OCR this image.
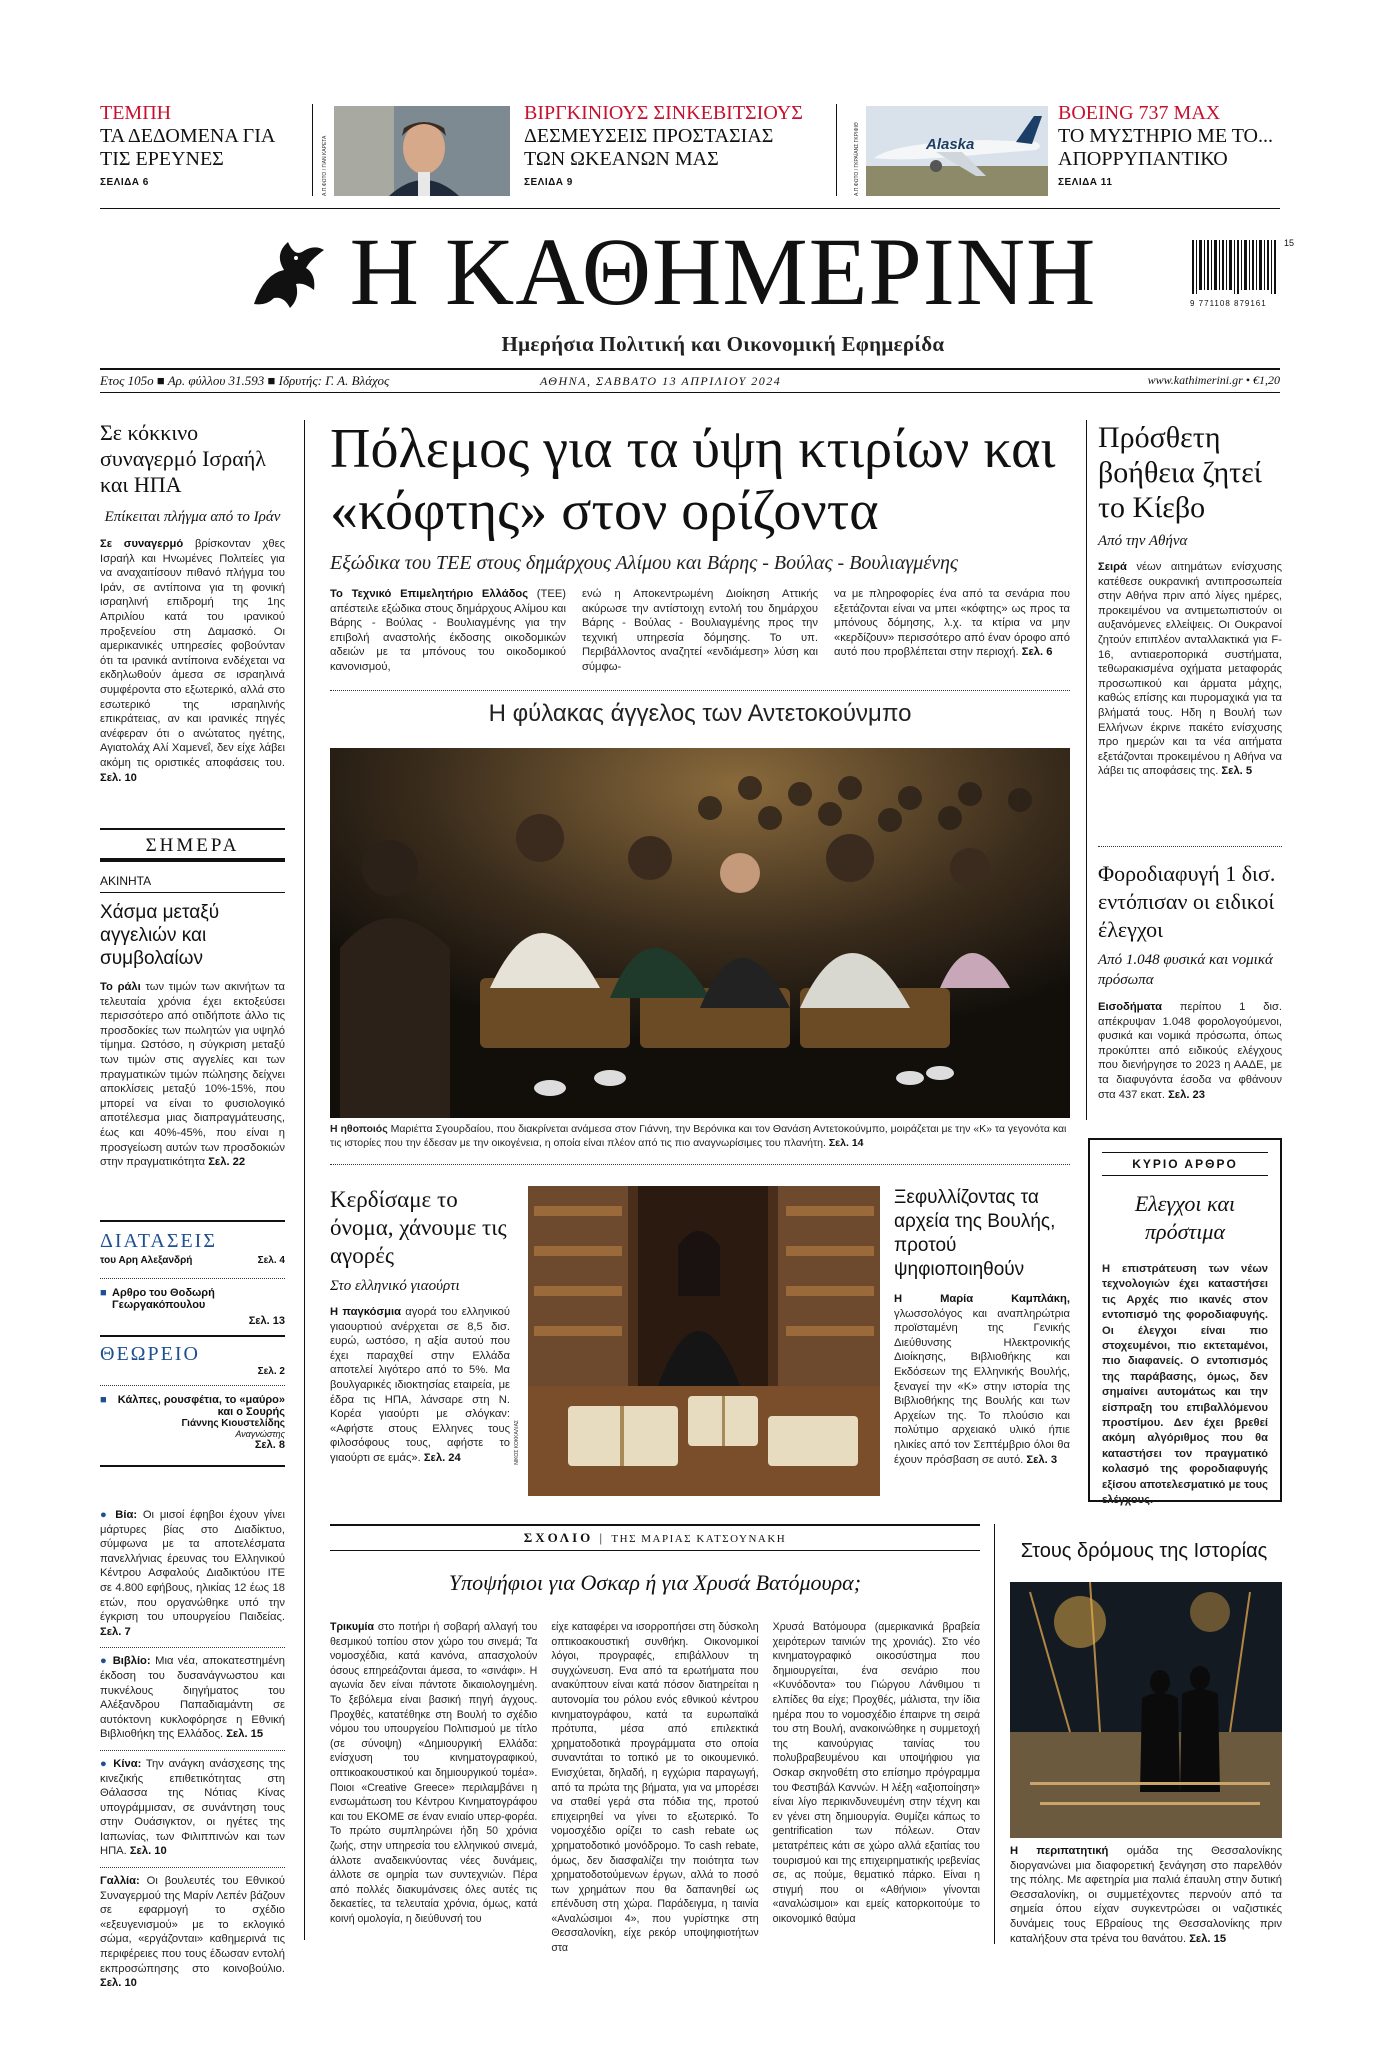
ΤΕΜΠΗ
ΤΑ ΔΕΔΟΜΕΝΑ ΓΙΑ ΤΙΣ ΕΡΕΥΝΕΣ
ΣΕΛΙΔΑ 6	Α.Π.ΦΩΤΟ / ΓΙΑΝ ΚΑΡΕΤΑ
ΒΙΡΓΚΙΝΙΟΥΣ ΣΙΝΚΕΒΙΤΣΙΟΥΣ
ΔΕΣΜΕΥΣΕΙΣ ΠΡΟΣΤΑΣΙΑΣ ΤΩΝ ΩΚΕΑΝΩΝ ΜΑΣ
ΣΕΛΙΔΑ 9
Alaska
Α.Π.ΦΩΤΟ / ΓΚΡΑΪΑΝΣ ΓΚΡΙΦΙΘ
BOEING 737 MAX
ΤΟ ΜΥΣΤΗΡΙΟ ΜΕ ΤΟ... ΑΠΟΡΡΥΠΑΝΤΙΚΟ
ΣΕΛΙΔΑ 11
Η ΚΑΘΗΜΕΡΙΝΗ
Ημερήσια Πολιτική και Οικονομική Εφημερίδα
9 771108 879161
15
Ετος 105ο ■ Αρ. φύλλου 31.593 ■ Ιδρυτής: Γ. Α. Βλάχος	ΑΘΗΝΑ, ΣΑΒΒΑΤΟ 13 ΑΠΡΙΛΙΟΥ 2024	www.kathimerini.gr • €1,20
Σε κόκκινο συναγερμό Ισραήλ και ΗΠΑ
Επίκειται πλήγμα από το Ιράν
Σε συναγερμό βρίσκονταν χθες Ισραήλ και Ηνωμένες Πολιτείες για να αναχαιτίσουν πιθανό πλήγμα του Ιράν, σε αντίποινα για τη φονική ισραηλινή επιδρομή της 1ης Απριλίου κατά του ιρανικού προξενείου στη Δαμασκό. Οι αμερικανικές υπηρεσίες φοβούνταν ότι τα ιρανικά αντίποινα ενδέχεται να εκδηλωθούν άμεσα σε ισραηλινά συμφέροντα στο εξωτερικό, αλλά στο εσωτερικό της ισραηλινής επικράτειας, αν και ιρανικές πηγές ανέφεραν ότι ο ανώτατος ηγέτης, Αγιατολάχ Αλί Χαμενεΐ, δεν είχε λάβει ακόμη τις οριστικές αποφάσεις του. Σελ. 10
ΣΗΜΕΡΑ
ΑΚΙΝΗΤΑ
Χάσμα μεταξύ αγγελιών και συμβολαίων
Το ράλι των τιμών των ακινήτων τα τελευταία χρόνια έχει εκτοξεύσει περισσότερο από οτιδήποτε άλλο τις προσδοκίες των πωλητών για υψηλό τίμημα. Ωστόσο, η σύγκριση μεταξύ των τιμών στις αγγελίες και των πραγματικών τιμών πώλησης δείχνει αποκλίσεις μεταξύ 10%-15%, που μπορεί να είναι το φυσιολογικό αποτέλεσμα μιας διαπραγμάτευσης, έως και 40%-45%, που είναι η προσγείωση αυτών των προσδοκιών στην πραγματικότητα Σελ. 22
ΔΙΑΤΑΣΕΙΣ
του Αρη Αλεξανδρή	Σελ. 4
■ Αρθρο του Θοδωρή Γεωργακόπουλου
Σελ. 13
ΘΕΩΡΕΙΟ
Σελ. 2
■ Κάλπες, ρουσφέτια, το «μαύρο» και ο Σουρής
Γιάννης Κιουστελίδης
Αναγνώστης
Σελ. 8
● Βία: Οι μισοί έφηβοι έχουν γίνει μάρτυρες βίας στο Διαδίκτυο, σύμφωνα με τα αποτελέσματα πανελλήνιας έρευνας του Ελληνικού Κέντρου Ασφαλούς Διαδικτύου ΙΤΕ σε 4.800 εφήβους, ηλικίας 12 έως 18 ετών, που οργανώθηκε υπό την έγκριση του υπουργείου Παιδείας. Σελ. 7
● Βιβλίο: Μια νέα, αποκατεστημένη έκδοση του δυσανάγνωστου και πυκνέλους διηγήματος του Αλέξανδρου Παπαδιαμάντη σε αυτόκτονη κυκλοφόρησε η Εθνική Βιβλιοθήκη της Ελλάδος. Σελ. 15
● Κίνα: Την ανάγκη ανάσχεσης της κινεζικής επιθετικότητας στη Θάλασσα της Νότιας Κίνας υπογράμμισαν, σε συνάντηση τους στην Ουάσιγκτον, οι ηγέτες της Ιαπωνίας, των Φιλιππινών και των ΗΠΑ. Σελ. 10
Γαλλία: Οι βουλευτές του Εθνικού Συναγερμού της Μαρίν Λεπέν βάζουν σε εφαρμογή το σχέδιο «εξευγενισμού» με το εκλογικό σώμα, «εργάζονται» καθημερινά τις περιφέρειες που τους έδωσαν εντολή εκπροσώπησης στο κοινοβούλιο. Σελ. 10
Πόλεμος για τα ύψη κτιρίων και «κόφτης» στον ορίζοντα
Εξώδικα του ΤΕΕ στους δημάρχους Αλίμου και Βάρης - Βούλας - Βουλιαγμένης
Το Τεχνικό Επιμελητήριο Ελλάδος (ΤΕΕ) απέστειλε εξώδικα στους δημάρχους Αλίμου και Βάρης - Βούλας - Βουλιαγμένης για την επιβολή αναστολής έκδοσης οικοδομικών αδειών με τα μπόνους του οικοδομικού κανονισμού,
ενώ η Αποκεντρωμένη Διοίκηση Αττικής ακύρωσε την αντίστοιχη εντολή του δημάρχου Βάρης - Βούλας - Βουλιαγμένης προς την τεχνική υπηρεσία δόμησης. Το υπ. Περιβάλλοντος αναζητεί «ενδιάμεση» λύση και σύμφω-
να με πληροφορίες ένα από τα σενάρια που εξετάζονται είναι να μπει «κόφτης» ως προς τα μπόνους δόμησης, λ.χ. τα κτίρια να μην «κερδίζουν» περισσότερο από έναν όροφο από αυτό που προβλέπεται στην περιοχή. Σελ. 6
Η φύλακας άγγελος των Αντετοκούνμπο
Η ηθοποιός Μαριέττα Σγουρδαίου, που διακρίνεται ανάμεσα στον Γιάννη, την Βερόνικα και τον Θανάση Αντετοκούνμπο, μοιράζεται με την «Κ» τα γεγονότα και τις ιστορίες που την έδεσαν με την οικογένεια, η οποία είναι πλέον από τις πιο αναγνωρίσιμες του πλανήτη. Σελ. 14
Πρόσθετη βοήθεια ζητεί το Κίεβο
Από την Αθήνα
Σειρά νέων αιτημάτων ενίσχυσης κατέθεσε ουκρανική αντιπροσωπεία στην Αθήνα πριν από λίγες ημέρες, προκειμένου να αντιμετωπιστούν οι αυξανόμενες ελλείψεις. Οι Ουκρανοί ζητούν επιπλέον ανταλλακτικά για F-16, αντιαεροπορικά συστήματα, τεθωρακισμένα οχήματα μεταφοράς προσωπικού και άρματα μάχης, καθώς επίσης και πυρομαχικά για τα βλήματά τους. Ηδη η Βουλή των Ελλήνων έκρινε πακέτο ενίσχυσης προ ημερών και τα νέα αιτήματα εξετάζονται προκειμένου η Αθήνα να λάβει τις αποφάσεις της. Σελ. 5
Φοροδιαφυγή 1 δισ. εντόπισαν οι ειδικοί έλεγχοι
Από 1.048 φυσικά και νομικά πρόσωπα
Εισοδήματα περίπου 1 δισ. απέκρυψαν 1.048 φορολογούμενοι, φυσικά και νομικά πρόσωπα, όπως προκύπτει από ειδικούς ελέγχους που διενήργησε το 2023 η ΑΑΔΕ, με τα διαφυγόντα έσοδα να φθάνουν στα 437 εκατ. Σελ. 23
ΚΥΡΙΟ ΑΡΘΡΟ
Ελεγχοι και πρόστιμα
Η επιστράτευση των νέων τεχνολογιών έχει καταστήσει τις Αρχές πιο ικανές στον εντοπισμό της φοροδιαφυγής. Οι έλεγχοι είναι πιο στοχευμένοι, πιο εκτεταμένοι, πιο διαφανείς. Ο εντοπισμός της παράβασης, όμως, δεν σημαίνει αυτομάτως και την είσπραξη του επιβαλλόμενου προστίμου. Δεν έχει βρεθεί ακόμη αλγόριθμος που θα καταστήσει τον πραγματικό κολασμό της φοροδιαφυγής εξίσου αποτελεσματικό με τους ελέγχους.
Κερδίσαμε το όνομα, χάνουμε τις αγορές
Στο ελληνικό γιαούρτι
Η παγκόσμια αγορά του ελληνικού γιαουρτιού ανέρχεται σε 8,5 δισ. ευρώ, ωστόσο, η αξία αυτού που έχει παραχθεί στην Ελλάδα αποτελεί λιγότερο από το 5%. Μα βουλγαρικές ιδιοκτησίας εταιρεία, με έδρα τις ΗΠΑ, λάνσαρε στη Ν. Κορέα γιαούρτι με σλόγκαν: «Αφήστε στους Ελληνες τους φιλοσόφους τους, αφήστε το γιαούρτι σε εμάς». Σελ. 24	ΝΙΚΟΣ ΚΟΚΚΑΛΙΑΣ
Ξεφυλλίζοντας τα αρχεία της Βουλής, προτού ψηφιοποιηθούν
Η Μαρία Καμπλάκη, γλωσσολόγος και αναπληρώτρια προϊσταμένη της Γενικής Διεύθυνσης Ηλεκτρονικής Διοίκησης, Βιβλιοθήκης και Εκδόσεων της Ελληνικής Βουλής, ξεναγεί την «Κ» στην ιστορία της Βιβλιοθήκης της Βουλής και των Αρχείων της. Το πλούσιο και πολύτιμο αρχειακό υλικό ήπιε ηλικίες από τον Σεπτέμβριο όλοι θα έχουν πρόσβαση σε αυτό. Σελ. 3
ΣΧΟΛΙΟ | ΤΗΣ ΜΑΡΙΑΣ ΚΑΤΣΟΥΝΑΚΗ
Υποψήφιοι για Οσκαρ ή για Χρυσά Βατόμουρα;
Τρικυμία στο ποτήρι ή σοβαρή αλλαγή του θεσμικού τοπίου στον χώρο του σινεμά; Τα νομοσχέδια, κατά κανόνα, απασχολούν όσους επηρεάζονται άμεσα, το «σινάφι». Η αγωνία δεν είναι πάντοτε δικαιολογημένη. Το ξεβόλεμα είναι βασική πηγή άγχους. Προχθές, κατατέθηκε στη Βουλή το σχέδιο νόμου του υπουργείου Πολιτισμού με τίτλο (σε σύνοψη) «Δημιουργική Ελλάδα: ενίσχυση του κινηματογραφικού, οπτικοακουστικού και δημιουργικού τομέα». Ποιοι «Creative Greece» περιλαμβάνει η ενσωμάτωση του Κέντρου Κινηματογράφου και του ΕΚΟΜΕ σε έναν ενιαίο υπερ-φορέα. Το πρώτο συμπληρώνει ήδη 50 χρόνια ζωής, στην υπηρεσία του ελληνικού σινεμά, άλλοτε αναδεικνύοντας νέες δυνάμεις, άλλοτε σε ομηρία των συντεχνιών. Πέρα από πολλές διακυμάνσεις όλες αυτές τις δεκαετίες, τα τελευταία χρόνια, όμως, κατά κοινή ομολογία, η διεύθυνσή του
είχε καταφέρει να ισορροπήσει στη δύσκολη οπτικοακουστική συνθήκη. Οικονομικοί λόγοι, προγραφές, επιβάλλουν τη συγχώνευση. Ενα από τα ερωτήματα που ανακύπτουν είναι κατά πόσον διατηρείται η αυτονομία του ρόλου ενός εθνικού κέντρου κινηματογράφου, κατά τα ευρωπαϊκά πρότυπα, μέσα από επιλεκτικά χρηματοδοτικά προγράμματα στο οποία συναντάται το τοπικό με το οικουμενικό. Ενισχύεται, δηλαδή, η εγχώρια παραγωγή, από τα πρώτα της βήματα, για να μπορέσει να σταθεί γερά στα πόδια της, προτού επιχειρηθεί να γίνει το εξωτερικό. Το νομοσχέδιο ορίζει το cash rebate ως χρηματοδοτικό μονόδρομο. Το cash rebate, όμως, δεν διασφαλίζει την ποιότητα των χρηματοδοτούμενων έργων, αλλά το ποσό των χρημάτων που θα δαπανηθεί ως επένδυση στη χώρα. Παράδειγμα, η ταινία «Αναλώσιμοι 4», που γυρίστηκε στη Θεσσαλονίκη, είχε ρεκόρ υποψηφιοτήτων στα
Χρυσά Βατόμουρα (αμερικανικά βραβεία χειρότερων ταινιών της χρονιάς). Στο νέο κινηματογραφικό οικοσύστημα που δημιουργείται, ένα σενάριο που «Κυνόδοντα» του Γιώργου Λάνθιμου τι ελπίδες θα είχε; Προχθές, μάλιστα, την ίδια ημέρα που το νομοσχέδιο έπαιρνε τη σειρά του στη Βουλή, ανακοινώθηκε η συμμετοχή της καινούργιας ταινίας του πολυβραβευμένου και υποψήφιου για Οσκαρ σκηνοθέτη στο επίσημο πρόγραμμα του Φεστιβάλ Καννών. Η λέξη «αξιοποίηση» είναι λίγο περικινδυνευμένη στην τέχνη και εν γένει στη δημιουργία. Θυμίζει κάπως το gentrification των πόλεων. Οταν μετατρέπεις κάτι σε χώρο αλλά εξαιτίας του τουρισμού και της επιχειρηματικής ιρεβενίας σε, ας πούμε, θεματικό πάρκο. Είναι η στιγμή που οι «Αθήνιοι» γίνονται «αναλώσιμοι» και εμείς κατορκοιτούμε το οικονομικό θαύμα
Στους δρόμους της Ιστορίας
Η περιπατητική ομάδα της Θεσσαλονίκης διοργανώνει μια διαφορετική ξενάγηση στο παρελθόν της πόλης. Με αφετηρία μια παλιά έπαυλη στην δυτική Θεσσαλονίκη, οι συμμετέχοντες περνούν από τα σημεία όπου είχαν συγκεντρώσει οι ναζιστικές δυνάμεις τους Εβραίους της Θεσσαλονίκης πριν καταλήξουν στα τρένα του θανάτου. Σελ. 15
